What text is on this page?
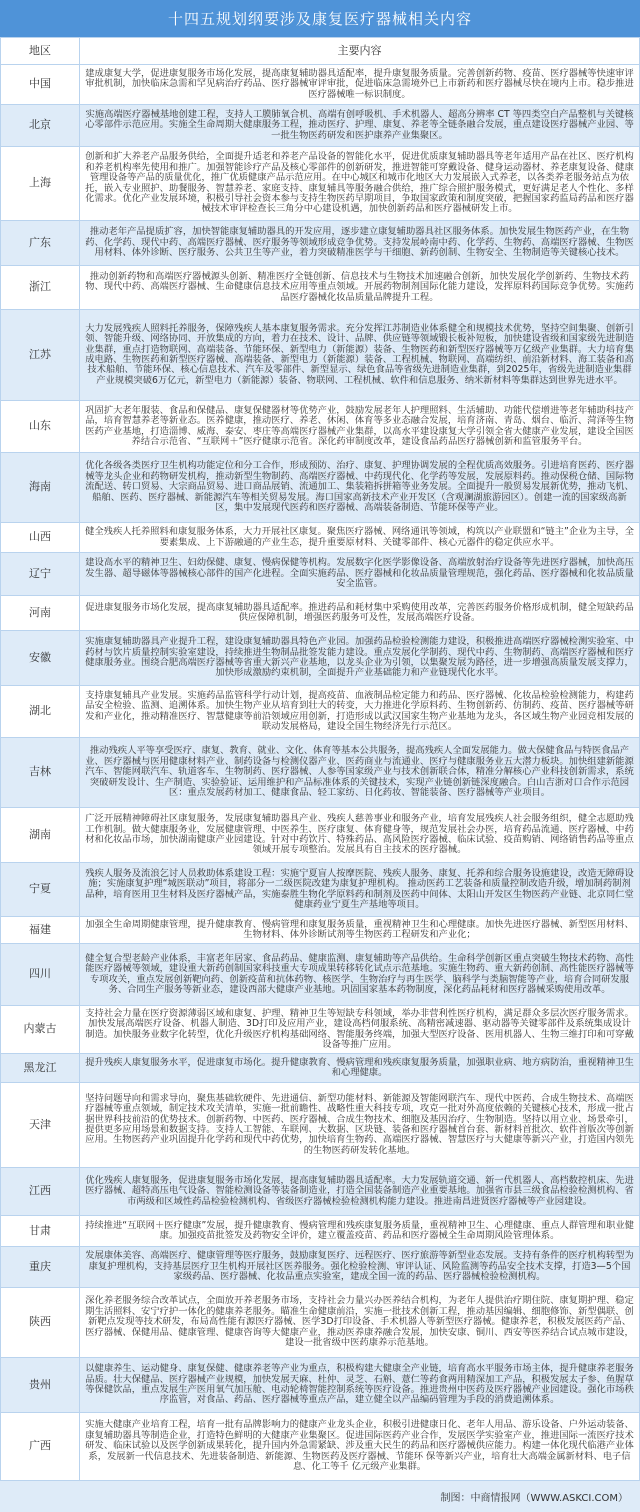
十四五规划纲要涉及康复医疗器械相关内容
地区	主要内容
中国	建成康复大学，促进康复服务市场化发展，提高康复辅助器具适配率，提升康复服务质量。完善创新药物、疫苗、医疗器械等快速审评审批机制，加快临床急需和罕见病治疗药品、医疗器械审评审批，促进临床急需境外已上市新药和医疗器械尽快在境内上市。稳步推进医疗器械唯一标识制度。
北京	实施高端医疗器械基地创建工程，支持人工膜肺氧合机、高端有创呼吸机、手术机器人、超高分辨率 CT 等四类空白产品整机与关键核心零部件示范应用。实施全生命周期大健康服务工程，推动医疗、护理、康复、养老等全链条融合发展，重点建设医疗器械产业园、等一批生物医药研发和医护康养产业集聚区。
上海	创新和扩大养老产品服务供给，全面提升适老和养老产品设备的智能化水平，促进优质康复辅助器具等老年适用产品在社区、医疗机构和养老机构率先使用和推广。加强智能诊疗产品及核心零部件的创新研发，推进智能可穿戴设备、健身运动器材、养老康复设备、健康管理设备等产品的质量优化，推广优质健康产品示范应用。在中心城区和城市化地区大力发展嵌入式养老，以各类养老服务站点为依托，嵌入专业照护、助餐服务、智慧养老、家庭支持、康复辅具等服务融合供给，推广综合照护服务模式，更好满足老人个性化、多样化需求。优化产业发展环境，积极引导社会资本参与支持生物医药早期项目，争取国家政策和制度突破，把握国家药监局药品和医疗器械技术审评检查长三角分中心建设机遇，加快创新药品和医疗器械研发上市。
广东	推动老年产品提质扩容，加快智能康复辅助器具的开发应用，逐步建立康复辅助器具社区服务体系。加快发展生物医药产业，在生物药、化学药、现代中药、高端医疗器械、医疗服务等领域形成竞争优势。支持发展岭南中药、化学药、生物药、高端医疗器械、生物医用材料、体外诊断、医疗服务、公共卫生等产业，着力突破精准医学与干细胞、新药创制、生物安全、生物制造等关键核心技术。
浙江	推动创新药物和高端医疗器械源头创新、精准医疗全链创新、信息技术与生物技术加速融合创新，加快发展化学创新药、生物技术药物、现代中药、高端医疗器械、生命健康信息技术应用等重点领域。开展药物制剂国际化能力建设，发挥原料药国际竞争优势。实施药品医疗器械化妆品质量品牌提升工程。
江苏	大力发展残疾人照料托养服务，保障残疾人基本康复服务需求。充分发挥江苏制造业体系健全和规模技术优势，坚持空间集聚、创新引领、智能升级、网络协同、开放集成的方向，着力在技术、设计、品牌、供应链等领域锻长板补短板，加快建设省级和国家级先进制造业集群，重点打造物联网、高端装备、节能环保、新型电力（新能源）装备、生物医药和新型医疗器械等万亿级产业集群。大力培育集成电路、生物医药和新型医疗器械、高端装备、新型电力（新能源）装备、工程机械、物联网、高端纺织、前沿新材料、海工装备和高技术船舶、节能环保、核心信息技术、汽车及零部件、新型显示、绿色食品等省级先进制造业集群，到2025年，省级先进制造业集群产业规模突破6万亿元，新型电力（新能源）装备、物联网、工程机械、软件和信息服务、纳米新材料等集群达到世界先进水平。
山东	巩固扩大老年服装、食品和保健品、康复保健器材等优势产业，鼓励发展老年人护理照料、生活辅助、功能代偿增进等老年辅助科技产品，培育智慧养老等新业态。医养健康，推动医疗、养老、休闲、体育等多业态融合发展，培育济南、青岛、烟台、临沂、菏泽等生物医药产业基地，打造淄博、威海、泰安、枣庄等高端医疗器械产业集群，以高水平建设康复大学引领全省大健康产业发展，建设全国医养结合示范省、“互联网＋”医疗健康示范省。深化药审制度改革，建设食品药品医疗器械创新和监管服务平台。
海南	优化各级各类医疗卫生机构功能定位和分工合作，形成预防、治疗、康复、护理协调发展的全程优质高效服务。引进培育医药、医疗器械等龙头企业和药物研发机构，推动新型生物制药、高端医疗器械、中药现代化、化学药等发展，发展原料药。推动保税仓储、国际物流配送、转口贸易、大宗商品贸易、进口商品展销、流通加工、集装箱拆拼箱等业务发展。全面提升一般贸易发展新优势，推动飞机、船舶、医药、医疗器械、新能源汽车等相关贸易发展。海口国家高新技术产业开发区（含观澜湖旅游园区）。创建一流的国家级高新区，集中发展现代医药和医疗器械、高端装备制造、节能环保等产业。
山西	健全残疾人托养照料和康复服务体系，大力开展社区康复。聚焦医疗器械、网络通讯等领域，构筑以产业联盟和“链主”企业为主导，全要素集成、上下游融通的产业生态，提升重要原材料、关键零部件、核心元器件的稳定供应水平。
辽宁	建设高水平的精神卫生、妇幼保健、康复、慢病保健等机构。发展数字化医学影像设备、高端放射治疗设备等先进医疗器械，加快高压发生器、超导磁体等器械核心部件的国产化进程。全面实施药品、医疗器械和化妆品质量管理规范，强化药品、医疗器械和化妆品质量安全监管。
河南	促进康复服务市场化发展，提高康复辅助器具适配率。推进药品和耗材集中采购使用改革，完善医药服务价格形成机制，健全短缺药品供应保障机制，增强医药服务可及性，发展高端医疗设备。
安徽	实施康复辅助器具产业提升工程，建设康复辅助器具特色产业园。加强药品检验检测能力建设，积极推进高端医疗器械检测实验室、中药材与饮片质量控制实验室建设，持续推进生物制品批签发能力建设。重点发展化学制药、现代中药、生物制药、高端医疗器械和医疗健康服务业。围绕合肥高端医疗器械等省重大新兴产业基地，以龙头企业为引领，以集聚发展为路径，进一步增强高质量发展支撑力，加快形成激励约束机制，全面提升产业基础能力和产业链现代化水平。
湖北	支持康复辅具产业发展。实施药品监管科学行动计划，提高疫苗、血液制品检定能力和药品、医疗器械、化妆品检验检测能力，构建药品安全检验、监测、追溯体系。加快生物产业从培育到壮大的转变，大力推进化学原料药、生物创新药、仿制药、疫苗、医疗器械等研发和产业化，推动精准医疗、智慧健康等前沿领域应用创新，打造形成以武汉国家生物产业基地为龙头，各区域生物产业园竞相发展的联动发展格局，建设全国生物经济先行示范区。
吉林	推动残疾人平等享受医疗、康复、教育、就业、文化、体育等基本公共服务，提高残疾人全面发展能力。做大保健食品与特医食品产业、医疗器械与医用健康材料产业、制药设备与检测仪器产业、医药商业与流通业、医疗与健康服务业五大潜力板块。加快组建新能源汽车、智能网联汽车、轨道客车、生物制药、医疗器械、人参等国家级产业与技术创新联合体，精准分解核心产业科技创新需求，系统突破研发设计、生产制造、实验验证、运用维护和产品标准体系的关键技术，实现产业链创新链深度融合。白山吉浙对口合作示范园区：重点发展药材加工、健康食品、轻工家纺、日化药妆、智能装备、医疗器械等产业项目。
湖南	广泛开展精神障碍社区康复服务，发展康复辅助器具产业、残疾人慈善事业和服务产业，培育发展残疾人社会服务组织，健全志愿助残工作机制。做大健康服务业，发展健康管理、中医养生、医疗康复、体育健身等，规范发展社会办医，培育药品流通、医疗器械、中药材和化妆品市场，加快湖南健康产业园建设。针对中药饮片、特殊药品、高风险医疗器械、临床试验、疫苗购销、网络销售药品等重点领域开展专项整治。发展具有自主技术的医疗器械。
宁夏	残疾人服务及流浪乞讨人员救助体系建设工程：实施宁夏盲人按摩医院、残疾人服务、康复、托养和综合服务设施建设，改造无障碍设施；实施康复护理“城医联动”项目，将部分一二级医院改建为康复护理机构。 推动医药工艺装备和质量控制改造升级，增加制药制剂品种，培育医用卫生材料及医疗器械产品，实施泰胜生物化学原料药和制剂及医药中间体、太阳山开发区生物医药产业链、北京同仁堂健康药业宁夏生产基地等项目。
福建	加强全生命周期健康管理，提升健康教育、慢病管理和康复服务质量，重视精神卫生和心理健康。加快先进医疗器械、新型医用材料、生物材料、体外诊断试剂等生物医药工程研发和产业化；
四川	健全复合型老龄产业体系，丰富老年居家、食品药品、健康监测、康复辅助等产品供给。生命科学创新区重点突破生物技术药物、高性能医疗器械等领域，建设重大新药创制国家科技重大专项成果转移转化试点示范基地。实施生物药、重大新药创制、高性能医疗器械等专项攻关，重点发展创新靶向药、创新疫苗和抗体药物、核医学、生物治疗与再生医学、脑科学与类脑智能等产业，培育合同研发服务、合同生产服务等新业态，建设西部大健康产业基地。巩固国家基本药物制度，深化药品耗材和医疗器械采购使用改革。
内蒙古	支持社会力量在医疗资源薄弱区域和康复、护理、精神卫生等短缺专科领域，举办非营利性医疗机构，满足群众多层次医疗服务需求。加快发展高端医疗设备、机器人制造、3D打印及应用产业，建设高档伺服系统、高精密减速器、驱动器等关键零部件及系统集成设计制造。加快服务业数字化转型，优化升级医疗机构基础网络、智能服务终端，加强大型医疗设备、医用机器人、生物三维打印和可穿戴设备等推广应用。
黑龙江	提升残疾人康复服务水平，促进康复市场化。提升健康教育、慢病管理和残疾康复服务质量，加强职业病、地方病防治，重视精神卫生和心理健康。
天津	坚持问题导向和需求导向，聚焦基础软硬件、先进通信、新型功能材料、新能源及智能网联汽车、现代中医药、合成生物技术、高端医疗器械等重点领域，制定技术攻关清单，实施一批前瞻性、战略性重大科技专项，攻克一批对外高度依赖的关键核心技术，形成一批占据世界科技前沿的优势技术。创新药物、中医药、医疗器械、合成生物技术、细胞及基因治疗、生物制造。坚持以用立业、场景牵引，提供更多应用场景和数据支持。支持人工智能、车联网、大数据、区块链、装备和医疗器械首台套、新材料首批次、软件首版次等创新应用。生物医药产业巩固提升化学药和现代中药优势，加快培育生物药、高端医疗器械、智慧医疗与大健康等新兴产业，打造国内领先的生物医药研发转化基地。
江西	优化残疾人康复服务，促进康复服务市场化发展，提高康复辅助器具适配率。大力发展轨道交通、新一代机器人、高档数控机床、先进医疗器械、超特高压电气设备、智能检测设备等装备制造业，打造全国装备制造产业重要基地。加强省市县三级食品检验检测机构、省市两级和区域性药品检验检测机构、省级医疗器械检验检测机构能力建设。推进南昌进贤医疗器械等产业园建设。
甘肃	持续推进“互联网＋医疗健康”发展，提升健康教育、慢病管理和残疾康复服务质量，重视精神卫生、心理健康、重点人群管理和职业健康。加强疫苗批签发及药物安全评价，建立覆盖疫苗、药品和医疗器械全生命周期风险管理体系。
重庆	发展康体美容、高端医疗、健康管理等医疗服务，鼓励康复医疗、远程医疗、医疗旅游等新型业态发展。支持有条件的医疗机构转型为康复护理机构，支持基层医疗卫生机构开展社区医养服务。强化检验检测、审评认证、风险监测等药品安全技术支撑，打造3—5个国家级药品、医疗器械、化妆品重点实验室，建成全国一流的药品、医疗器械检验检测机构。
陕西	深化养老服务综合改革试点，全面放开养老服务市场，支持社会力量兴办医养结合机构，为老年人提供治疗期住院、康复期护理、稳定期生活照料、安宁疗护一体化的健康养老服务。瞄准生命健康前沿，实施一批技术创新工程，推动基因编辑、细胞修饰、新型偶联、创新靶点发现等技术研发，布局高性能有源医疗器械、医学3D打印设备、手术机器人等新型医疗器械。健康养老，积极发展医药产品、医疗器械、保健用品、健康管理、健康咨询等大健康产业，推动医养康养融合发展，加快安康、铜川、西安等医养结合试点城市建设，建设一批省级中医药康养示范基地。
贵州	以健康养生、运动健身、康复保健、健康养老等产业为重点，积极构建大健康全产业链，培育高水平服务市场主体，提升健康养老服务品质。壮大保健品、医疗器械产业规模，加快发展天麻、杜仲、灵芝、石斛、薏仁等药食两用精深加工产品，积极发展太子参、鱼腥草等保健饮品，重点发展生产医用氧气加压舱、电动轮椅智能控制系统等医疗设备。推进贵州中医药及医疗器械产业园建设。强化市场秩序监管，对食品、药品、医疗器械等重点产品，建立健全以产品编码管理为手段的消费追溯体系。
广西	实施大健康产业培育工程，培育一批有品牌影响力的健康产业龙头企业，积极引进健康日化、老年人用品、游乐设备、户外运动装备、康复辅助器具等制造企业，打造特色鲜明的大健康产业集聚区。促进国际医药产业合作，发展医学实验室产业，推进国际一流医疗技术研发、临床试验以及医学创新成果转化，提升国内外急需紧缺、涉及重大民生的药品和医疗器械供应能力。构建一体化现代临港产业体系，发展新一代信息技术、先进装备制造、新能源、生物医药及医疗器械、节能环 保等新兴产业，培育壮大高端金属新材料、电子信息、化工等千 亿元级产业集群。
制图：中商情报网（WWW.ASKCI.COM）
